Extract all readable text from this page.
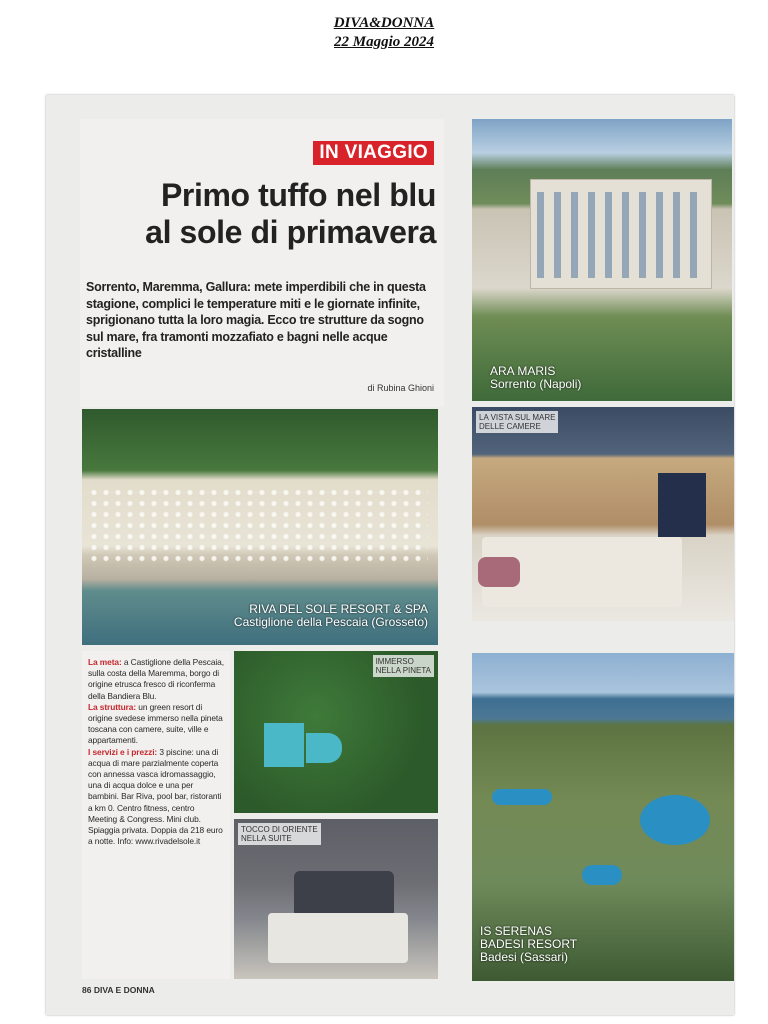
DIVA&DONNA
22 Maggio 2024
IN VIAGGIO
Primo tuffo nel blu
al sole di primavera
Sorrento, Maremma, Gallura: mete imperdibili che in questa stagione, complici le temperature miti e le giornate infinite, sprigionano tutta la loro magia. Ecco tre strutture da sogno sul mare, fra tramonti mozzafiato e bagni nelle acque cristalline
di Rubina Ghioni
ARA MARIS
Sorrento (Napoli)
LA VISTA SUL MARE
DELLE CAMERE
RIVA DEL SOLE RESORT & SPA
Castiglione della Pescaia (Grosseto)

La meta: a Castiglione della Pescaia, sulla costa della Maremma, borgo di origine etrusca fresco di riconferma della Bandiera Blu.

La struttura: un green resort di origine svedese immerso nella pineta toscana con camere, suite, ville e appartamenti.

I servizi e i prezzi: 3 piscine: una di acqua di mare parzialmente coperta con annessa vasca idromassaggio, una di acqua dolce e una per bambini. Bar Riva, pool bar, ristoranti a km 0. Centro fitness, centro Meeting & Congress. Mini club. Spiaggia privata. Doppia da 218 euro a notte. Info: www.rivadelsole.it

IMMERSO
NELLA PINETA
TOCCO DI ORIENTE
NELLA SUITE
IS SERENAS
BADESI RESORT
Badesi (Sassari)
86 DIVA E DONNA
